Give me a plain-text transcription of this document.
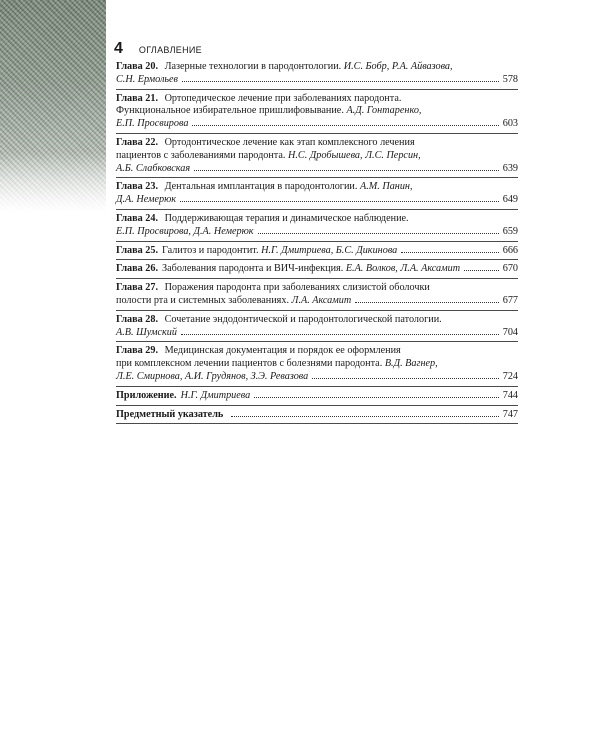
4 ОГЛАВЛЕНИЕ
Глава 20. Лазерные технологии в пародонтологии. И.С. Бобр, Р.А. Айвазова,
С.Н. Ермольев	578
Глава 21. Ортопедическое лечение при заболеваниях пародонта.
Функциональное избирательное пришлифовывание. А.Д. Гонтаренко,
Е.П. Просвирова	603
Глава 22. Ортодонтическое лечение как этап комплексного лечения
пациентов с заболеваниями пародонта. Н.С. Дробышева, Л.С. Персин,
А.Б. Слабковская	639
Глава 23. Дентальная имплантация в пародонтологии. А.М. Панин,
Д.А. Немерюк	649
Глава 24. Поддерживающая терапия и динамическое наблюдение.
Е.П. Просвирова, Д.А. Немерюк	659
Глава 25. Галитоз и пародонтит.
Н.Г. Дмитриева, Б.С. Дикинова	666
Глава 26. Заболевания пародонта и ВИЧ-инфекция.
Е.А. Волков, Л.А. Аксамит	670
Глава 27. Поражения пародонта при заболеваниях слизистой оболочки
полости рта и системных заболеваниях.
Л.А. Аксамит	677
Глава 28. Сочетание эндодонтической и пародонтологической патологии.
А.В. Шумский	704
Глава 29. Медицинская документация и порядок ее оформления
при комплексном лечении пациентов с болезнями пародонта. В.Д. Вагнер,
Л.Е. Смирнова, А.И. Грудянов, З.Э. Ревазова	724
Приложение. Н.Г. Дмитриева	744
Предметный указатель	747
